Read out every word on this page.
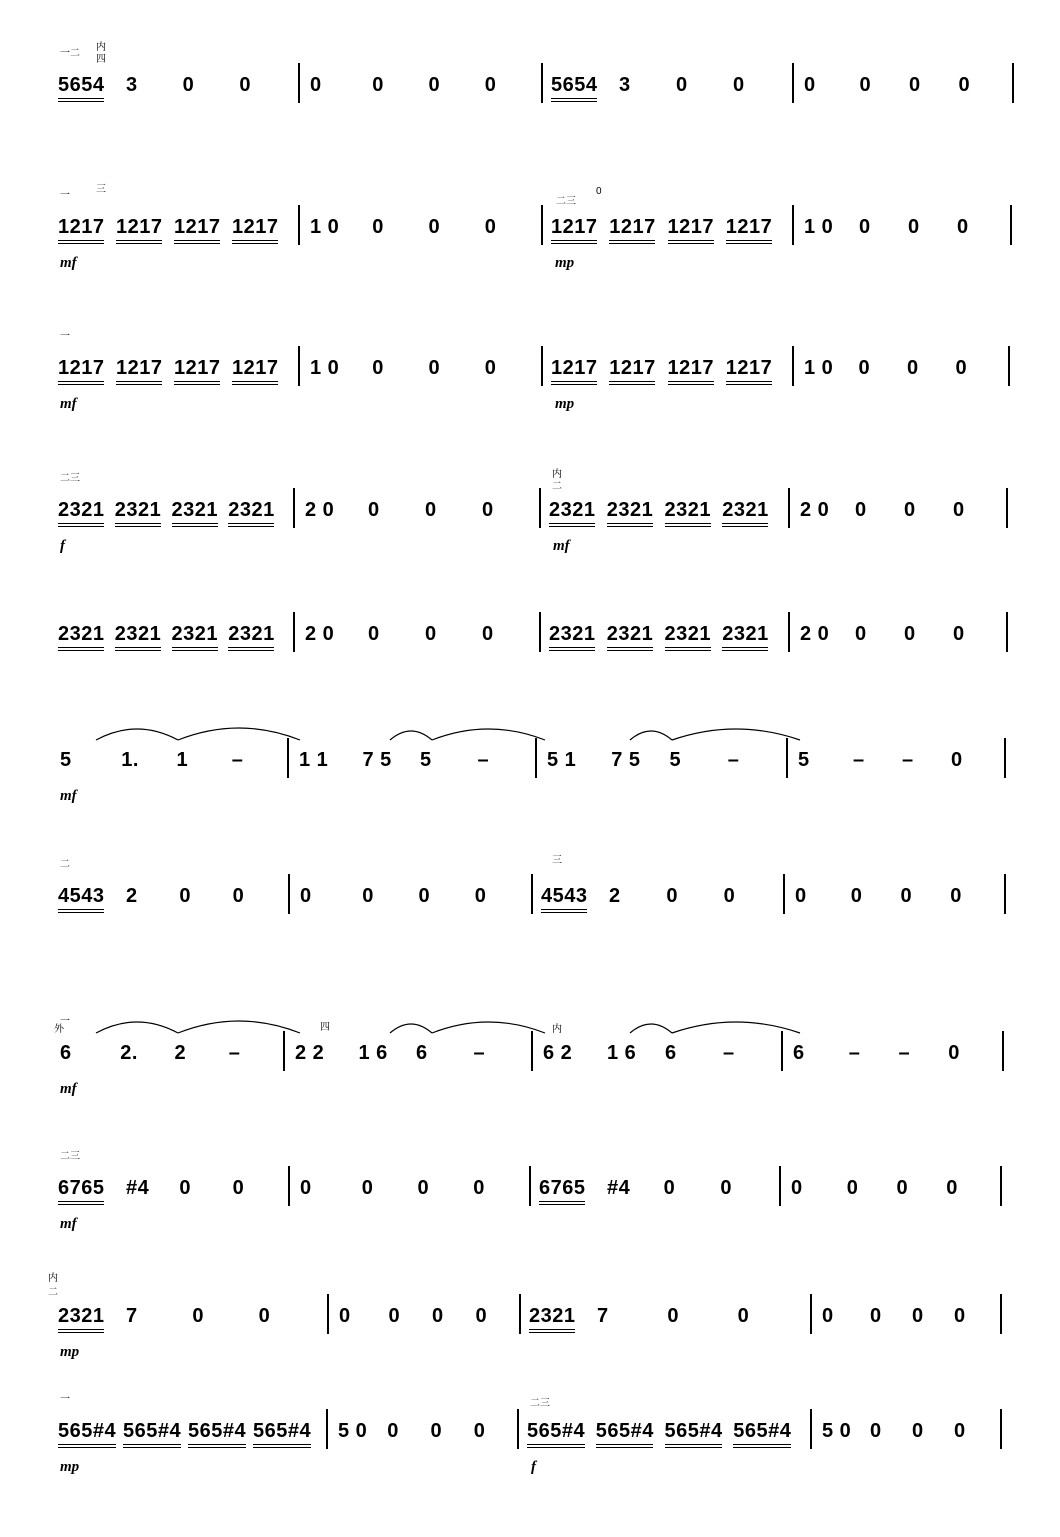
5654 3 0 0	0	0 0 0	5654 3 0 0	0 0 0 0
一二
内
四
1217 1217 1217 1217 1 0 0 0 0	1217 1217 1217 1217 1 0 0 0 0
一
三
二三
0
mf	mp
1217 1217 1217 1217 1 0 0 0 0	1217 1217 1217 1217 1 0 0 0 0
一
mf	mp
2321 2321 2321 2321 2 0 0 0 0	2321 2321 2321 2321 2 0 0 0 0
二三	内
二
f	mf
2321 2321 2321 2321 2 0 0 0 0	2321 2321 2321 2321 2 0 0 0 0
5 1. 1 –	1 1 7 5 5 –	5 1 7 5 5 –	5 – – 0
mf
4543 2 0 0	0	0 0 0	4543 2 0 0	0 0 0 0
二	三
6 2. 2 –	2 2 1 6 6 –	6 2 1 6 6 –	6 – – 0
一
外	内
四
mf
6765 #4 0 0	0	0 0 0	6765 #4 0 0	0 0 0 0
二三
mf
2321 7	0	0	0 0 0 0 2321 7	0	0	0 0 0 0
内
二
mp
565#4 565#4 565#4 565#4 5 0 0 0 0 565#4 565#4 565#4 565#4 5 0 0 0 0
一	二三
mp	f
